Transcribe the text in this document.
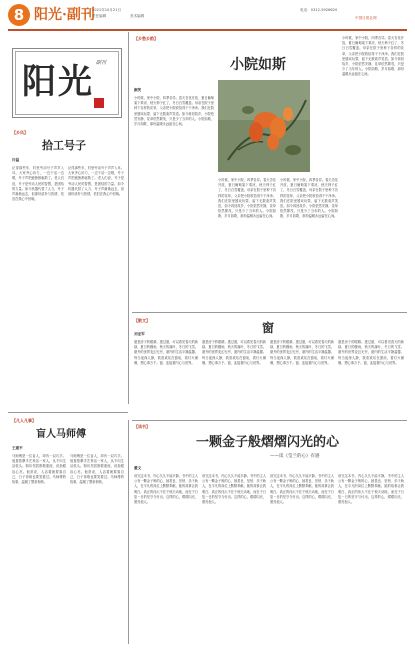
8 阳光·副刊
2021年10月21日
责任编辑	美术编辑
电话：0312-5926620
中国日报社网
阳光 副刊
【乡风】
拾工号子
许磊
记得那些年，村里劳动号子声声入耳。大家齐心协力，一边干活一边唱，号子声把疲惫都驱散了。老人们说，号子是劳动人民的智慧，是团结的力量。如今机器代替了人力，号子声渐渐远去，但那份质朴与热情，依旧在我心中回响。
记得那些年，村里劳动号子声声入耳。大家齐心协力，一边干活一边唱，号子声把疲惫都驱散了。老人们说，号子是劳动人民的智慧，是团结的力量。如今机器代替了人力，号子声渐渐远去，但那份质朴与热情，依旧在我心中回响。
【乡愁乡韵】
小院如斯
颜笑
小时候，家中小院，四季各异。春天杏花开放，夏日葡萄架下乘凉，秋天柿子红了，冬日白雪覆盖。母亲在院子里种下各样的花草，父亲把小院收拾得干干净净。我们在院里嬉戏玩耍，留下无数欢声笑语。如今再回故乡，小院依然安静，花草依然繁茂，只是少了当年的人。小院如斯，岁月如歌，那份温暖永远留在心间。
小时候，家中小院，四季各异。春天杏花开放，夏日葡萄架下乘凉，秋天柿子红了，冬日白雪覆盖。母亲在院子里种下各样的花草，父亲把小院收拾得干干净净。我们在院里嬉戏玩耍，留下无数欢声笑语。如今再回故乡，小院依然安静，花草依然繁茂，只是少了当年的人。小院如斯，岁月如歌，那份温暖永远留在心间。
小时候，家中小院，四季各异。春天杏花开放，夏日葡萄架下乘凉，秋天柿子红了，冬日白雪覆盖。母亲在院子里种下各样的花草，父亲把小院收拾得干干净净。我们在院里嬉戏玩耍，留下无数欢声笑语。如今再回故乡，小院依然安静，花草依然繁茂，只是少了当年的人。小院如斯，岁月如歌，那份温暖永远留在心间。
小时候，家中小院，四季各异。春天杏花开放，夏日葡萄架下乘凉，秋天柿子红了，冬日白雪覆盖。母亲在院子里种下各样的花草，父亲把小院收拾得干干净净。我们在院里嬉戏玩耍，留下无数欢声笑语。如今再回故乡，小院依然安静，花草依然繁茂，只是少了当年的人。小院如斯，岁月如歌，那份温暖永远留在心间。
【散文】
窗
刘亚军
窗是房子的眼睛。透过窗，可以看见春天的新绿，夏日的骤雨，秋天的落叶，冬日的飞雪。窗外的世界变幻无穷，窗内的生活平静温馨。每当夜深人静，我喜欢站在窗前，看灯火阑珊，想心事万千。窗，连接着内心与世界。
窗是房子的眼睛。透过窗，可以看见春天的新绿，夏日的骤雨，秋天的落叶，冬日的飞雪。窗外的世界变幻无穷，窗内的生活平静温馨。每当夜深人静，我喜欢站在窗前，看灯火阑珊，想心事万千。窗，连接着内心与世界。
窗是房子的眼睛。透过窗，可以看见春天的新绿，夏日的骤雨，秋天的落叶，冬日的飞雪。窗外的世界变幻无穷，窗内的生活平静温馨。每当夜深人静，我喜欢站在窗前，看灯火阑珊，想心事万千。窗，连接着内心与世界。
窗是房子的眼睛。透过窗，可以看见春天的新绿，夏日的骤雨，秋天的落叶，冬日的飞雪。窗外的世界变幻无穷，窗内的生活平静温馨。每当夜深人静，我喜欢站在窗前，看灯火阑珊，想心事万千。窗，连接着内心与世界。
【凡人凡事】
盲人马师傅
王建平
马师傅是一位盲人，却有一双巧手。他靠按摩手艺养活一家人，从不向生活低头。街坊邻居都敬重他，说他眼盲心亮。他常说，人活着就要靠自己，日子再难也要笑着过。马师傅的故事，温暖了整条街巷。
马师傅是一位盲人，却有一双巧手。他靠按摩手艺养活一家人，从不向生活低头。街坊邻居都敬重他，说他眼盲心亮。他常说，人活着就要靠自己，日子再难也要笑着过。马师傅的故事，温暖了整条街巷。
【读书】
一颗金子般熠熠闪光的心
——读《莹兰的心》有感
董文
读完这本书，内心久久不能平静。书中的主人公有一颗金子般的心，她善良、坚韧、乐于助人，在平凡的岗位上默默奉献。她的故事让我明白，真正的伟大不在于惊天动地，而在于日复一日的坚守与付出。这样的心，熠熠闪光，照亮他人。
读完这本书，内心久久不能平静。书中的主人公有一颗金子般的心，她善良、坚韧、乐于助人，在平凡的岗位上默默奉献。她的故事让我明白，真正的伟大不在于惊天动地，而在于日复一日的坚守与付出。这样的心，熠熠闪光，照亮他人。
读完这本书，内心久久不能平静。书中的主人公有一颗金子般的心，她善良、坚韧、乐于助人，在平凡的岗位上默默奉献。她的故事让我明白，真正的伟大不在于惊天动地，而在于日复一日的坚守与付出。这样的心，熠熠闪光，照亮他人。
读完这本书，内心久久不能平静。书中的主人公有一颗金子般的心，她善良、坚韧、乐于助人，在平凡的岗位上默默奉献。她的故事让我明白，真正的伟大不在于惊天动地，而在于日复一日的坚守与付出。这样的心，熠熠闪光，照亮他人。
